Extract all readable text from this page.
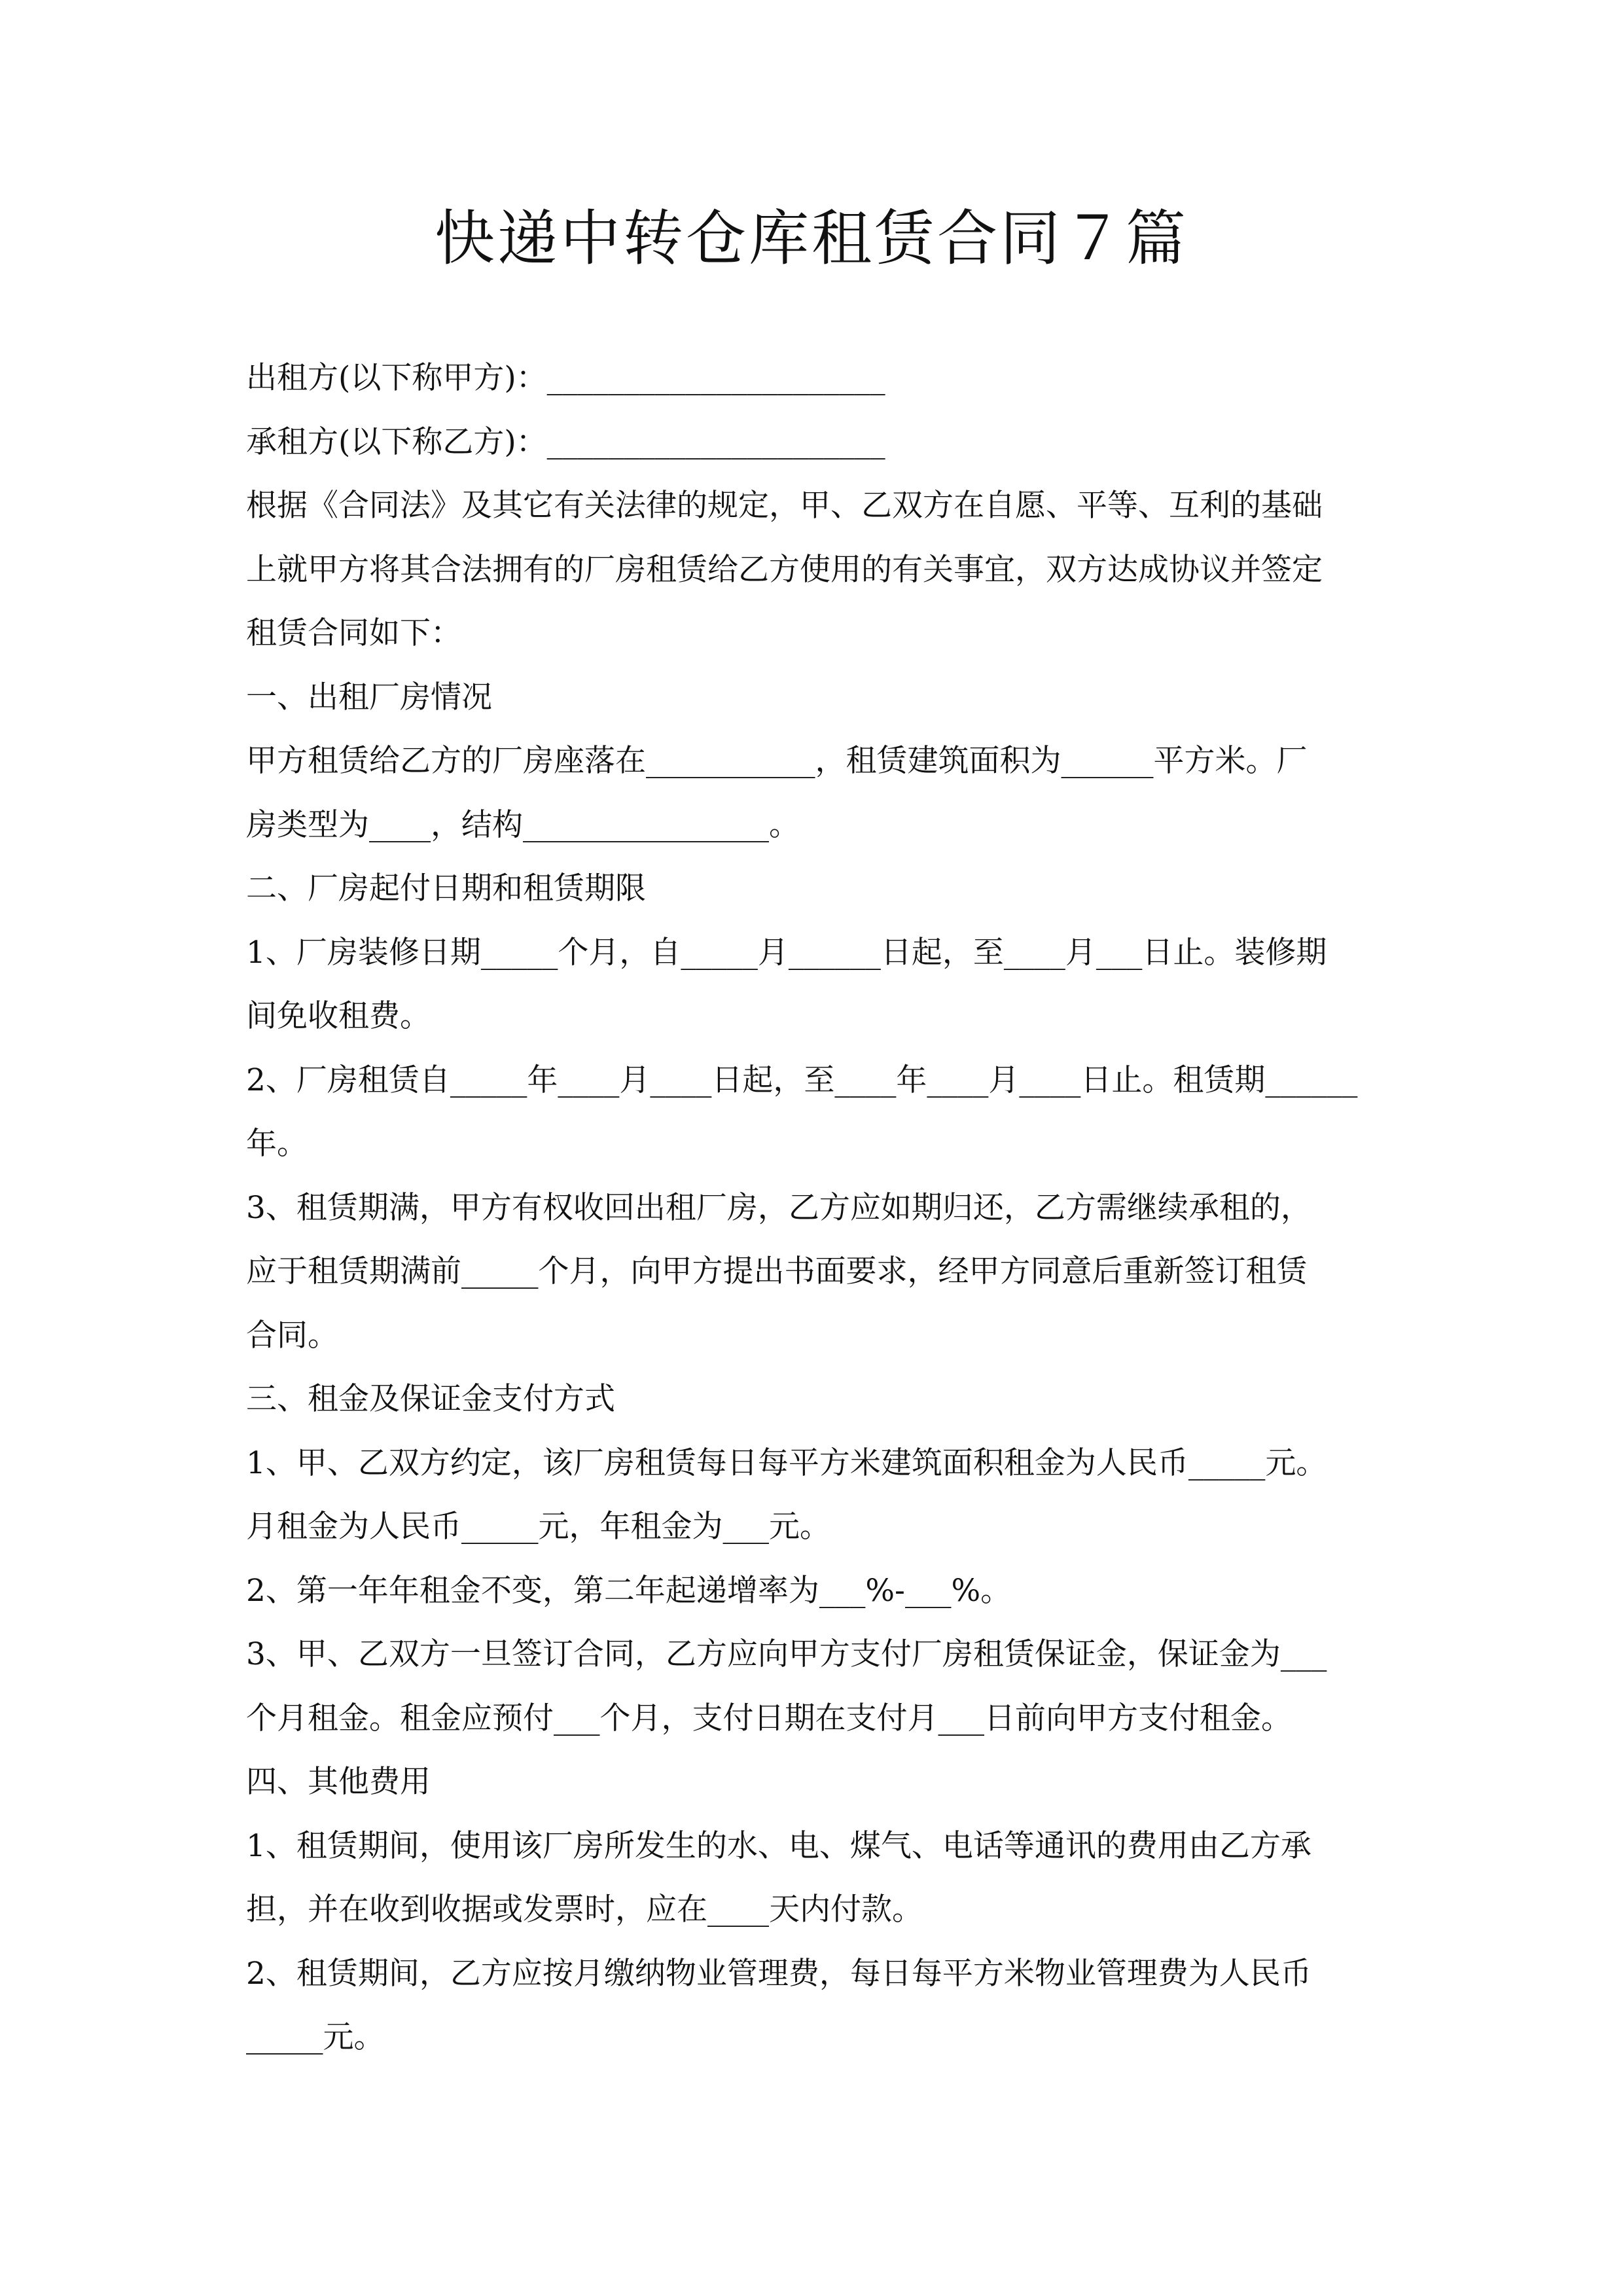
快递中转仓库租赁合同７篇
出租方(以下称甲方)：______________________
承租方(以下称乙方)：______________________
根据《合同法》及其它有关法律的规定，甲、乙双方在自愿、平等、互利的基础
上就甲方将其合法拥有的厂房租赁给乙方使用的有关事宜，双方达成协议并签定
租赁合同如下：
一、出租厂房情况
甲方租赁给乙方的厂房座落在___________，租赁建筑面积为______平方米。厂
房类型为____，结构________________。
二、厂房起付日期和租赁期限
1、厂房装修日期_____个月，自_____月______日起，至____月___日止。装修期
间免收租费。
2、厂房租赁自_____年____月____日起，至____年____月____日止。租赁期______
年。
3、租赁期满，甲方有权收回出租厂房，乙方应如期归还，乙方需继续承租的，
应于租赁期满前_____个月，向甲方提出书面要求，经甲方同意后重新签订租赁
合同。
三、租金及保证金支付方式
1、甲、乙双方约定，该厂房租赁每日每平方米建筑面积租金为人民币_____元。
月租金为人民币_____元，年租金为___元。
2、第一年年租金不变，第二年起递增率为___%-___%。
3、甲、乙双方一旦签订合同，乙方应向甲方支付厂房租赁保证金，保证金为___
个月租金。租金应预付___个月，支付日期在支付月___日前向甲方支付租金。
四、其他费用
1、租赁期间，使用该厂房所发生的水、电、煤气、电话等通讯的费用由乙方承
担，并在收到收据或发票时，应在____天内付款。
2、租赁期间，乙方应按月缴纳物业管理费，每日每平方米物业管理费为人民币
_____元。
